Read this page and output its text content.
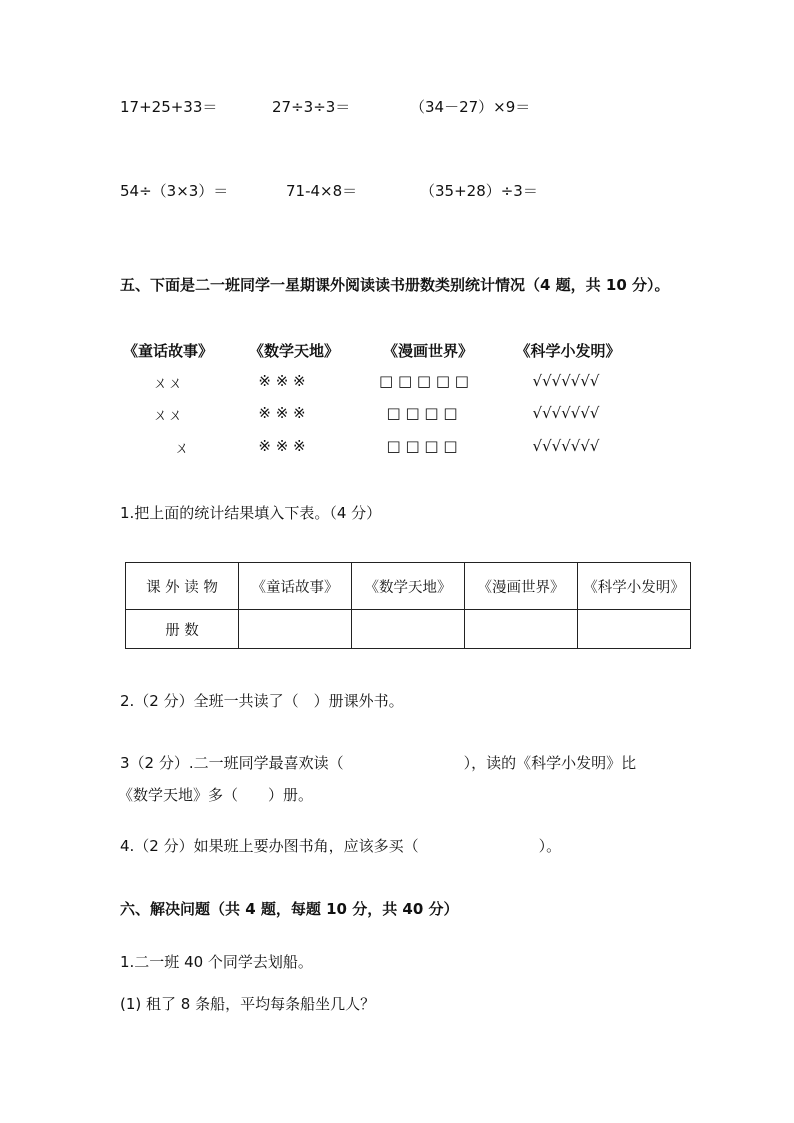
17+25+33＝	27÷3÷3＝	（34－27）×9＝
54÷（3×3）＝	71-4×8＝	（35+28）÷3＝
五、下面是二一班同学一星期课外阅读读书册数类别统计情况（4 题，共 10 分）。
《童话故事》	《数学天地》	《漫画世界》	《科学小发明》
ㄨㄨ	※ ※ ※	□ □ □ □ □	√√√√√√√
ㄨㄨ	※ ※ ※	□ □ □ □	√√√√√√√
ㄨ	※ ※ ※	□ □ □ □	√√√√√√√
1.把上面的统计结果填入下表。（4 分）
课 外 读 物	《童话故事》	《数学天地》	《漫画世界》	《科学小发明》
册 数				
2.（2 分）全班一共读了（　）册课外书。
3（2 分）.二一班同学最喜欢读（　　　　　　　　），读的《科学小发明》比
《数学天地》多（　　）册。
4.（2 分）如果班上要办图书角，应该多买（　　　　　　　　）。
六、解决问题（共 4 题，每题 10 分，共 40 分）
1.二一班 40 个同学去划船。
(1) 租了 8 条船，平均每条船坐几人？
